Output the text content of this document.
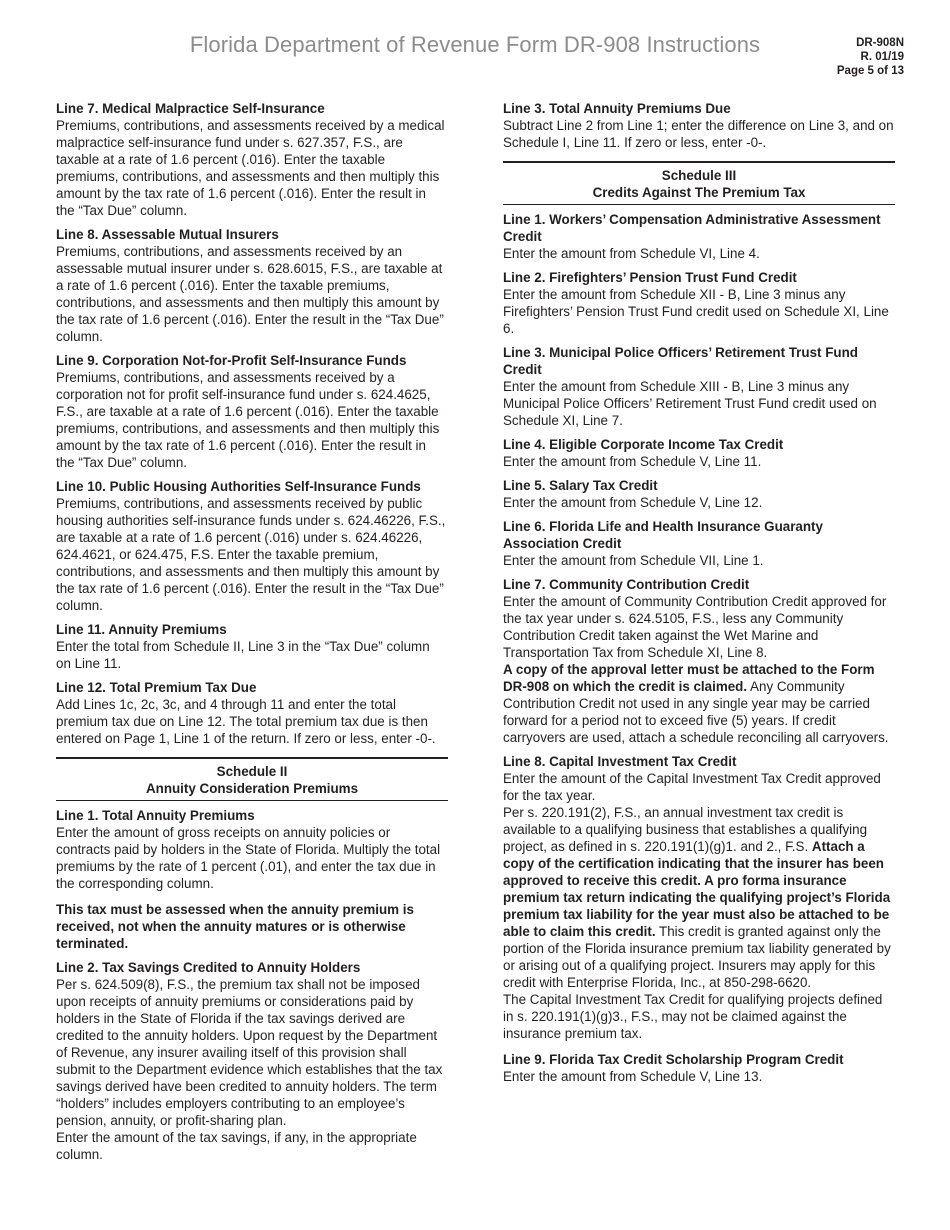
Florida Department of Revenue Form DR-908 Instructions	DR-908N
R. 01/19
Page 5 of 13
Line 7. Medical Malpractice Self-Insurance

Premiums, contributions, and assessments received by a medical malpractice self-insurance fund under s. 627.357, F.S., are taxable at a rate of 1.6 percent (.016). Enter the taxable premiums, contributions, and assessments and then multiply this amount by the tax rate of 1.6 percent (.016). Enter the result in the “Tax Due” column.

Line 8. Assessable Mutual Insurers

Premiums, contributions, and assessments received by an assessable mutual insurer under s. 628.6015, F.S., are taxable at a rate of 1.6 percent (.016). Enter the taxable premiums, contributions, and assessments and then multiply this amount by the tax rate of 1.6 percent (.016). Enter the result in the “Tax Due” column.

Line 9. Corporation Not-for-Profit Self-Insurance Funds

Premiums, contributions, and assessments received by a corporation not for profit self-insurance fund under s. 624.4625, F.S., are taxable at a rate of 1.6 percent (.016). Enter the taxable premiums, contributions, and assessments and then multiply this amount by the tax rate of 1.6 percent (.016). Enter the result in the “Tax Due” column.

Line 10. Public Housing Authorities Self-Insurance Funds

Premiums, contributions, and assessments received by public housing authorities self-insurance funds under s. 624.46226, F.S., are taxable at a rate of 1.6 percent (.016) under s. 624.46226, 624.4621, or 624.475, F.S. Enter the taxable premium, contributions, and assessments and then multiply this amount by the tax rate of 1.6 percent (.016). Enter the result in the “Tax Due” column.

Line 11. Annuity Premiums

Enter the total from Schedule II, Line 3 in the “Tax Due” column on Line 11.

Line 12. Total Premium Tax Due

Add Lines 1c, 2c, 3c, and 4 through 11 and enter the total premium tax due on Line 12. The total premium tax due is then entered on Page 1, Line 1 of the return. If zero or less, enter -0-.

Schedule II
Annuity Consideration Premiums
Line 1. Total Annuity Premiums

Enter the amount of gross receipts on annuity policies or contracts paid by holders in the State of Florida. Multiply the total premiums by the rate of 1 percent (.01), and enter the tax due in the corresponding column.

This tax must be assessed when the annuity premium is received, not when the annuity matures or is otherwise terminated.

Line 2. Tax Savings Credited to Annuity Holders

Per s. 624.509(8), F.S., the premium tax shall not be imposed upon receipts of annuity premiums or considerations paid by holders in the State of Florida if the tax savings derived are credited to the annuity holders. Upon request by the Department of Revenue, any insurer availing itself of this provision shall submit to the Department evidence which establishes that the tax savings derived have been credited to annuity holders. The term “holders” includes employers contributing to an employee’s pension, annuity, or profit-sharing plan.

Enter the amount of the tax savings, if any, in the appropriate column.

Line 3. Total Annuity Premiums Due

Subtract Line 2 from Line 1; enter the difference on Line 3, and on Schedule I, Line 11. If zero or less, enter -0-.

Schedule III
Credits Against The Premium Tax
Line 1. Workers’ Compensation Administrative Assessment Credit

Enter the amount from Schedule VI, Line 4.

Line 2. Firefighters’ Pension Trust Fund Credit

Enter the amount from Schedule XII - B, Line 3 minus any Firefighters’ Pension Trust Fund credit used on Schedule XI, Line 6.

Line 3. Municipal Police Officers’ Retirement Trust Fund Credit

Enter the amount from Schedule XIII - B, Line 3 minus any Municipal Police Officers’ Retirement Trust Fund credit used on Schedule XI, Line 7.

Line 4. Eligible Corporate Income Tax Credit

Enter the amount from Schedule V, Line 11.

Line 5. Salary Tax Credit

Enter the amount from Schedule V, Line 12.

Line 6. Florida Life and Health Insurance Guaranty Association Credit

Enter the amount from Schedule VII, Line 1.

Line 7. Community Contribution Credit

Enter the amount of Community Contribution Credit approved for the tax year under s. 624.5105, F.S., less any Community Contribution Credit taken against the Wet Marine and Transportation Tax from Schedule XI, Line 8.

A copy of the approval letter must be attached to the Form DR-908 on which the credit is claimed. Any Community Contribution Credit not used in any single year may be carried forward for a period not to exceed five (5) years. If credit carryovers are used, attach a schedule reconciling all carryovers.

Line 8. Capital Investment Tax Credit

Enter the amount of the Capital Investment Tax Credit approved for the tax year.

Per s. 220.191(2), F.S., an annual investment tax credit is available to a qualifying business that establishes a qualifying project, as defined in s. 220.191(1)(g)1. and 2., F.S. Attach a copy of the certification indicating that the insurer has been approved to receive this credit. A pro forma insurance premium tax return indicating the qualifying project’s Florida premium tax liability for the year must also be attached to be able to claim this credit. This credit is granted against only the portion of the Florida insurance premium tax liability generated by or arising out of a qualifying project. Insurers may apply for this credit with Enterprise Florida, Inc., at 850-298-6620.

The Capital Investment Tax Credit for qualifying projects defined in s. 220.191(1)(g)3., F.S., may not be claimed against the insurance premium tax.

Line 9. Florida Tax Credit Scholarship Program Credit

Enter the amount from Schedule V, Line 13.
